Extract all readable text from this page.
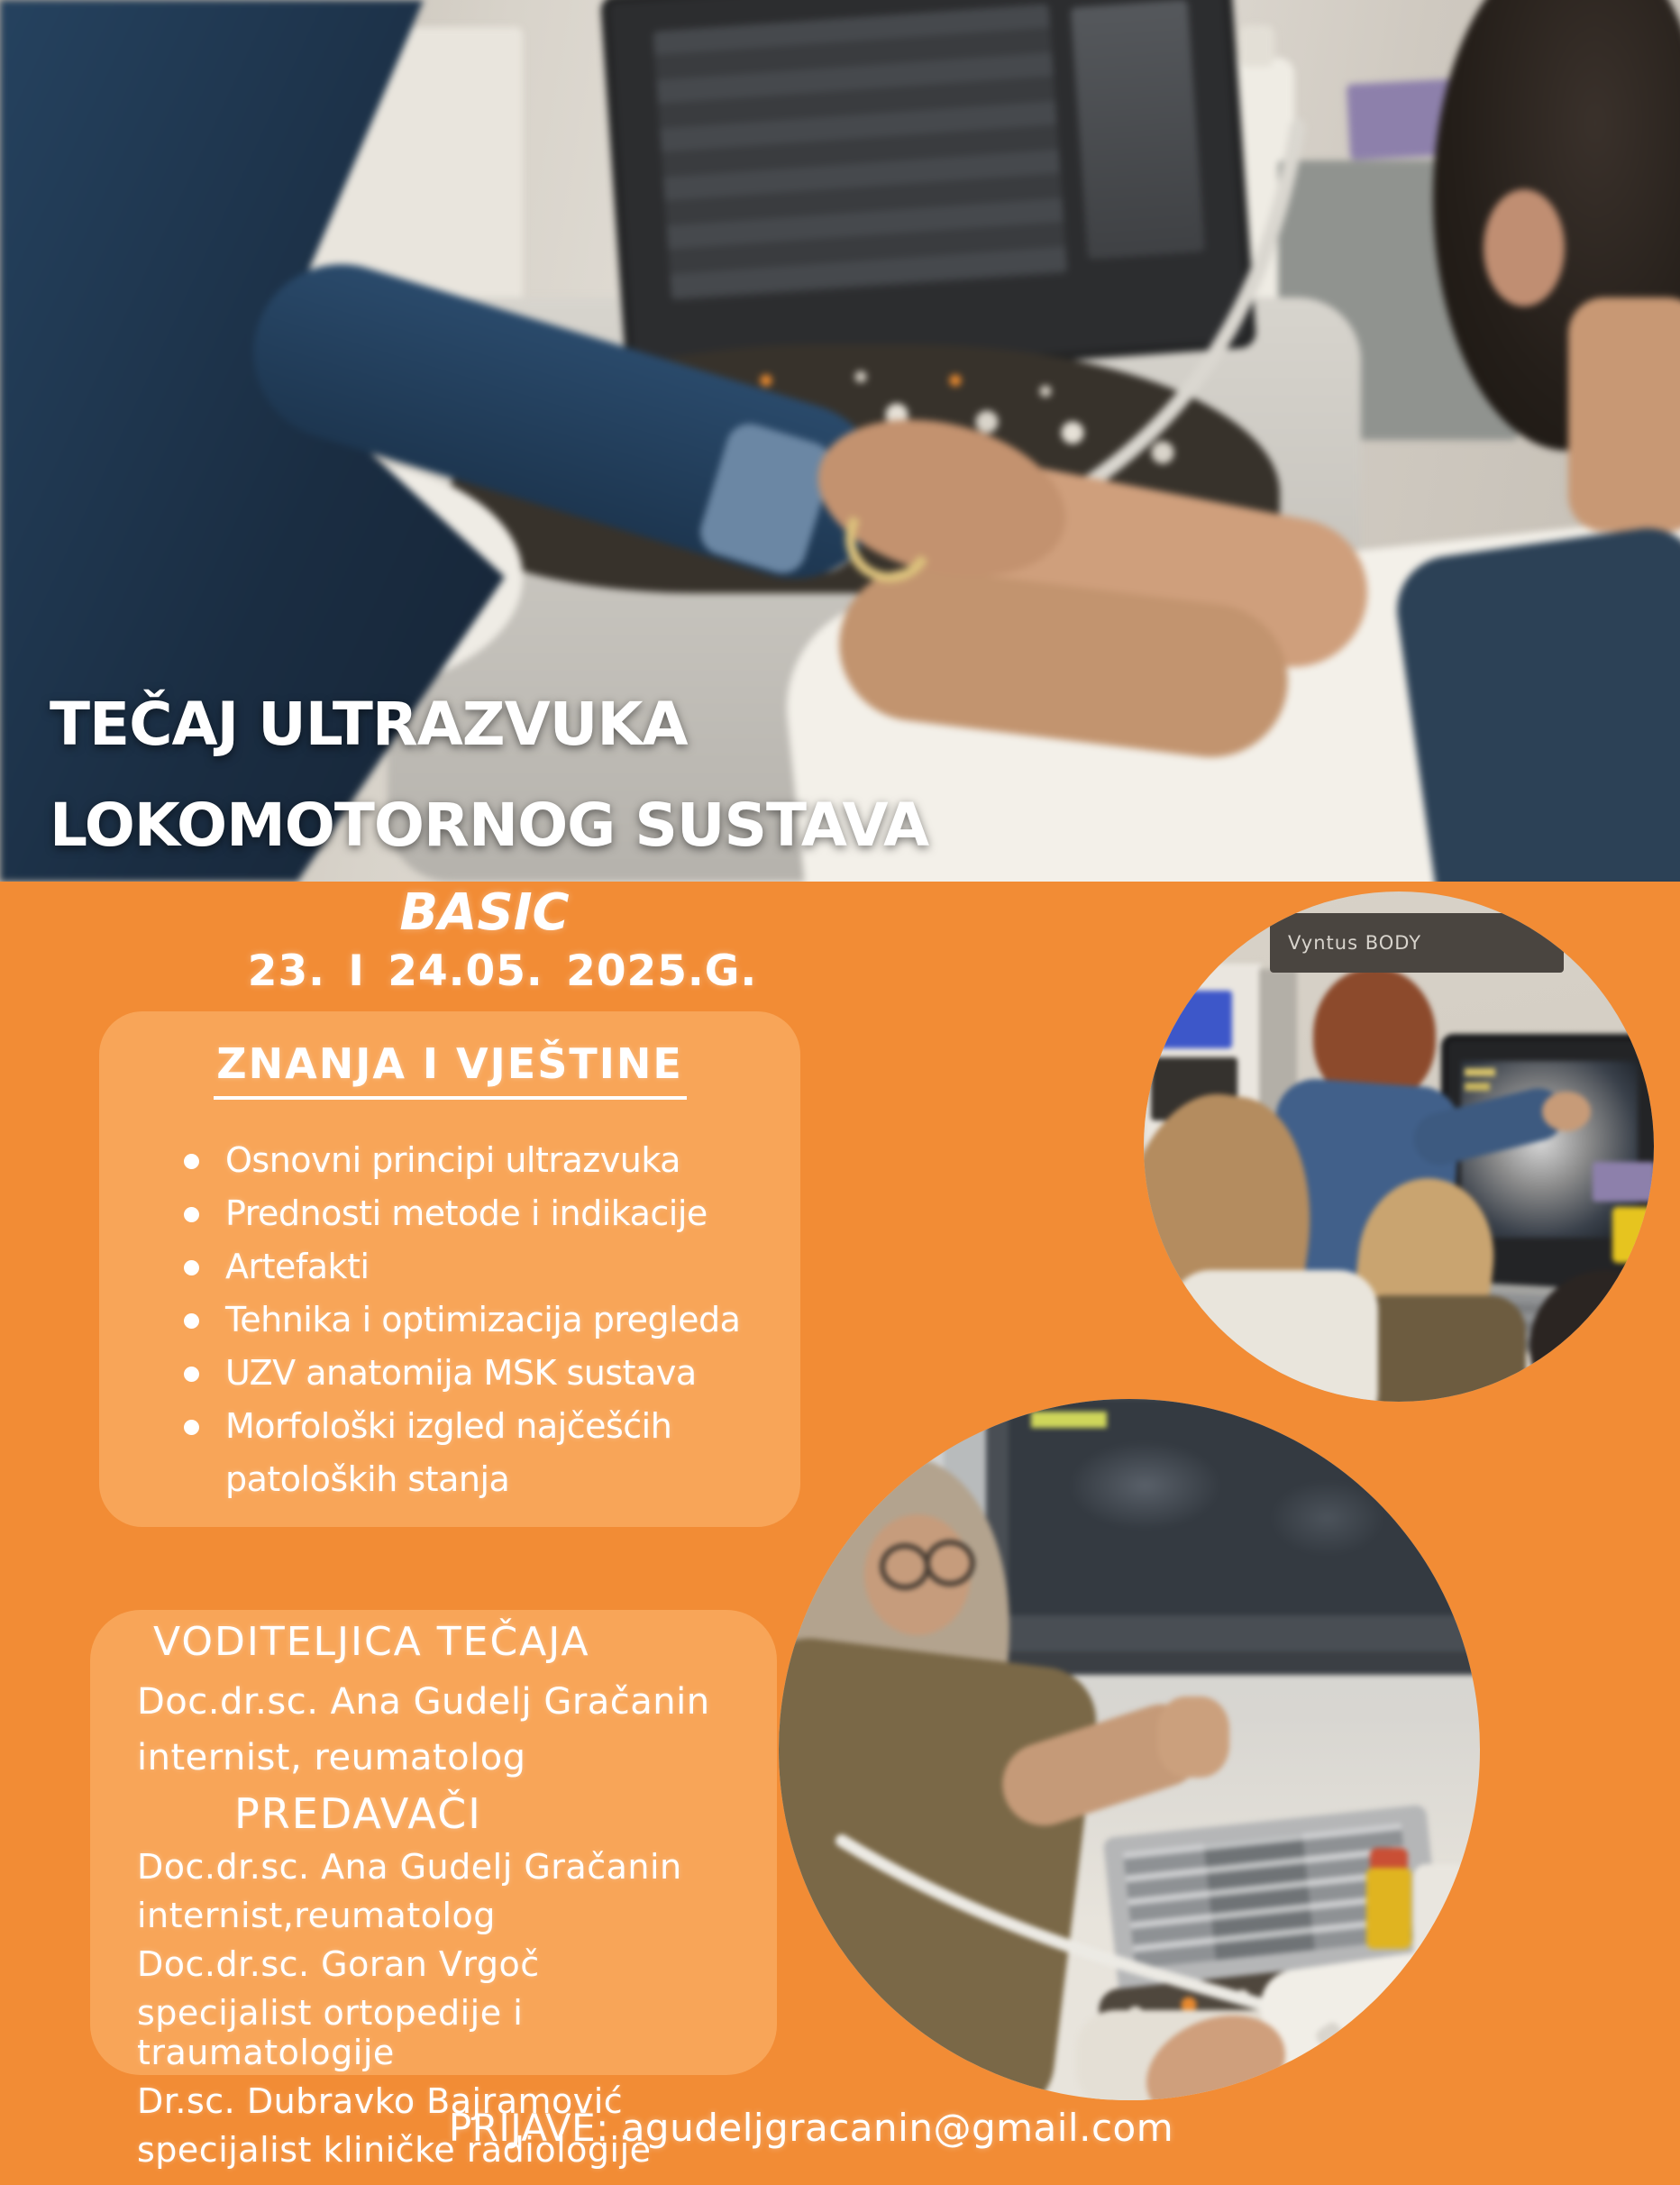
TEČAJ ULTRAZVUKA
LOKOMOTORNOG SUSTAVA
BASIC
23. I 24.05. 2025.G.
ZNANJA I VJEŠTINE
Osnovni principi ultrazvuka
Prednosti metode i indikacije
Artefakti
Tehnika i optimizacija pregleda
UZV anatomija MSK sustava
Morfološki izgled najčešćih patoloških stanja
Vyntus BODY
VODITELJICA TEČAJA
Doc.dr.sc. Ana Gudelj Gračanin
internist, reumatolog
PREDAVAČI
Doc.dr.sc. Ana Gudelj Gračanin
internist,reumatolog
Doc.dr.sc. Goran Vrgoč
specijalist ortopedije i traumatologije
Dr.sc. Dubravko Bajramović
specijalist kliničke radiologije
PRIJAVE: agudeljgracanin@gmail.com
